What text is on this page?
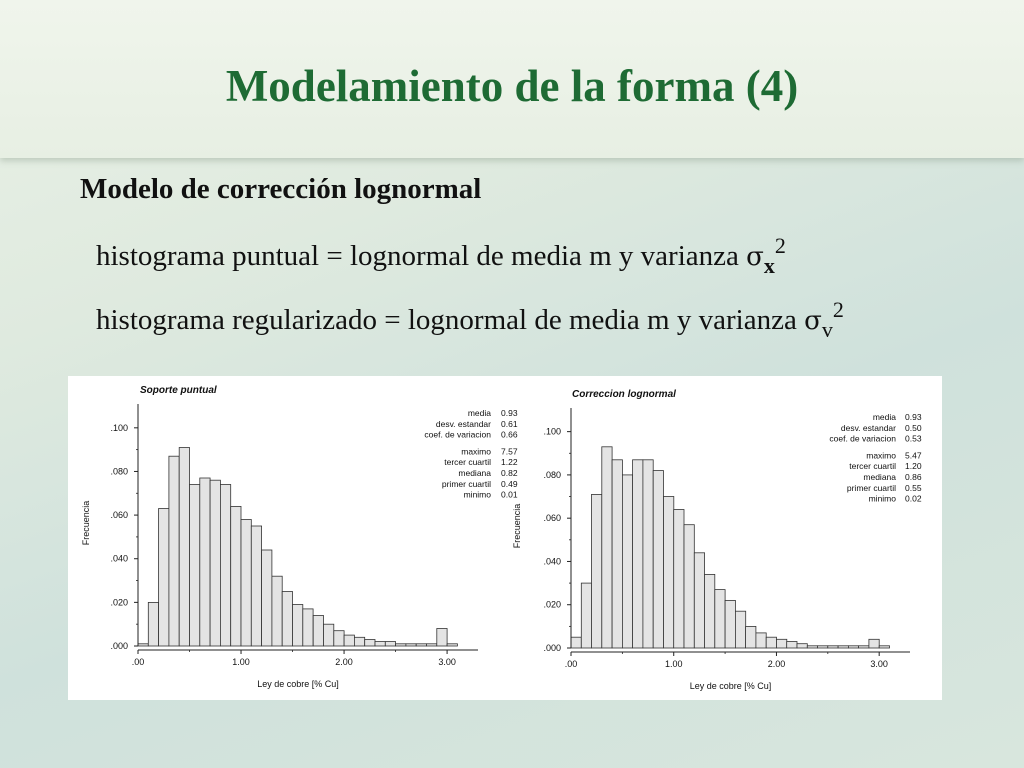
Modelamiento de la forma (4)
Modelo de corrección lognormal
histograma puntual = lognormal de media m y varianza $\sigma_x^2$
histograma regularizado = lognormal de media m y varianza $\sigma_v^2$
Soporte puntual
.000
.020
.040
.060
.080
.100
.00	1.00	2.00	3.00
Ley de cobre [% Cu]
Frecuencia
media 0.93
desv. estandar 0.61
coef. de variacion 0.66
maximo 7.57
tercer cuartil 1.22
mediana 0.82
primer cuartil 0.49
minimo 0.01
Correccion lognormal
.000
.020
.040
.060
.080
.100
.00	1.00	2.00	3.00
Ley de cobre [% Cu]
Frecuencia
media 0.93
desv. estandar 0.50
coef. de variacion 0.53
maximo 5.47
tercer cuartil 1.20
mediana 0.86
primer cuartil 0.55
minimo 0.02
